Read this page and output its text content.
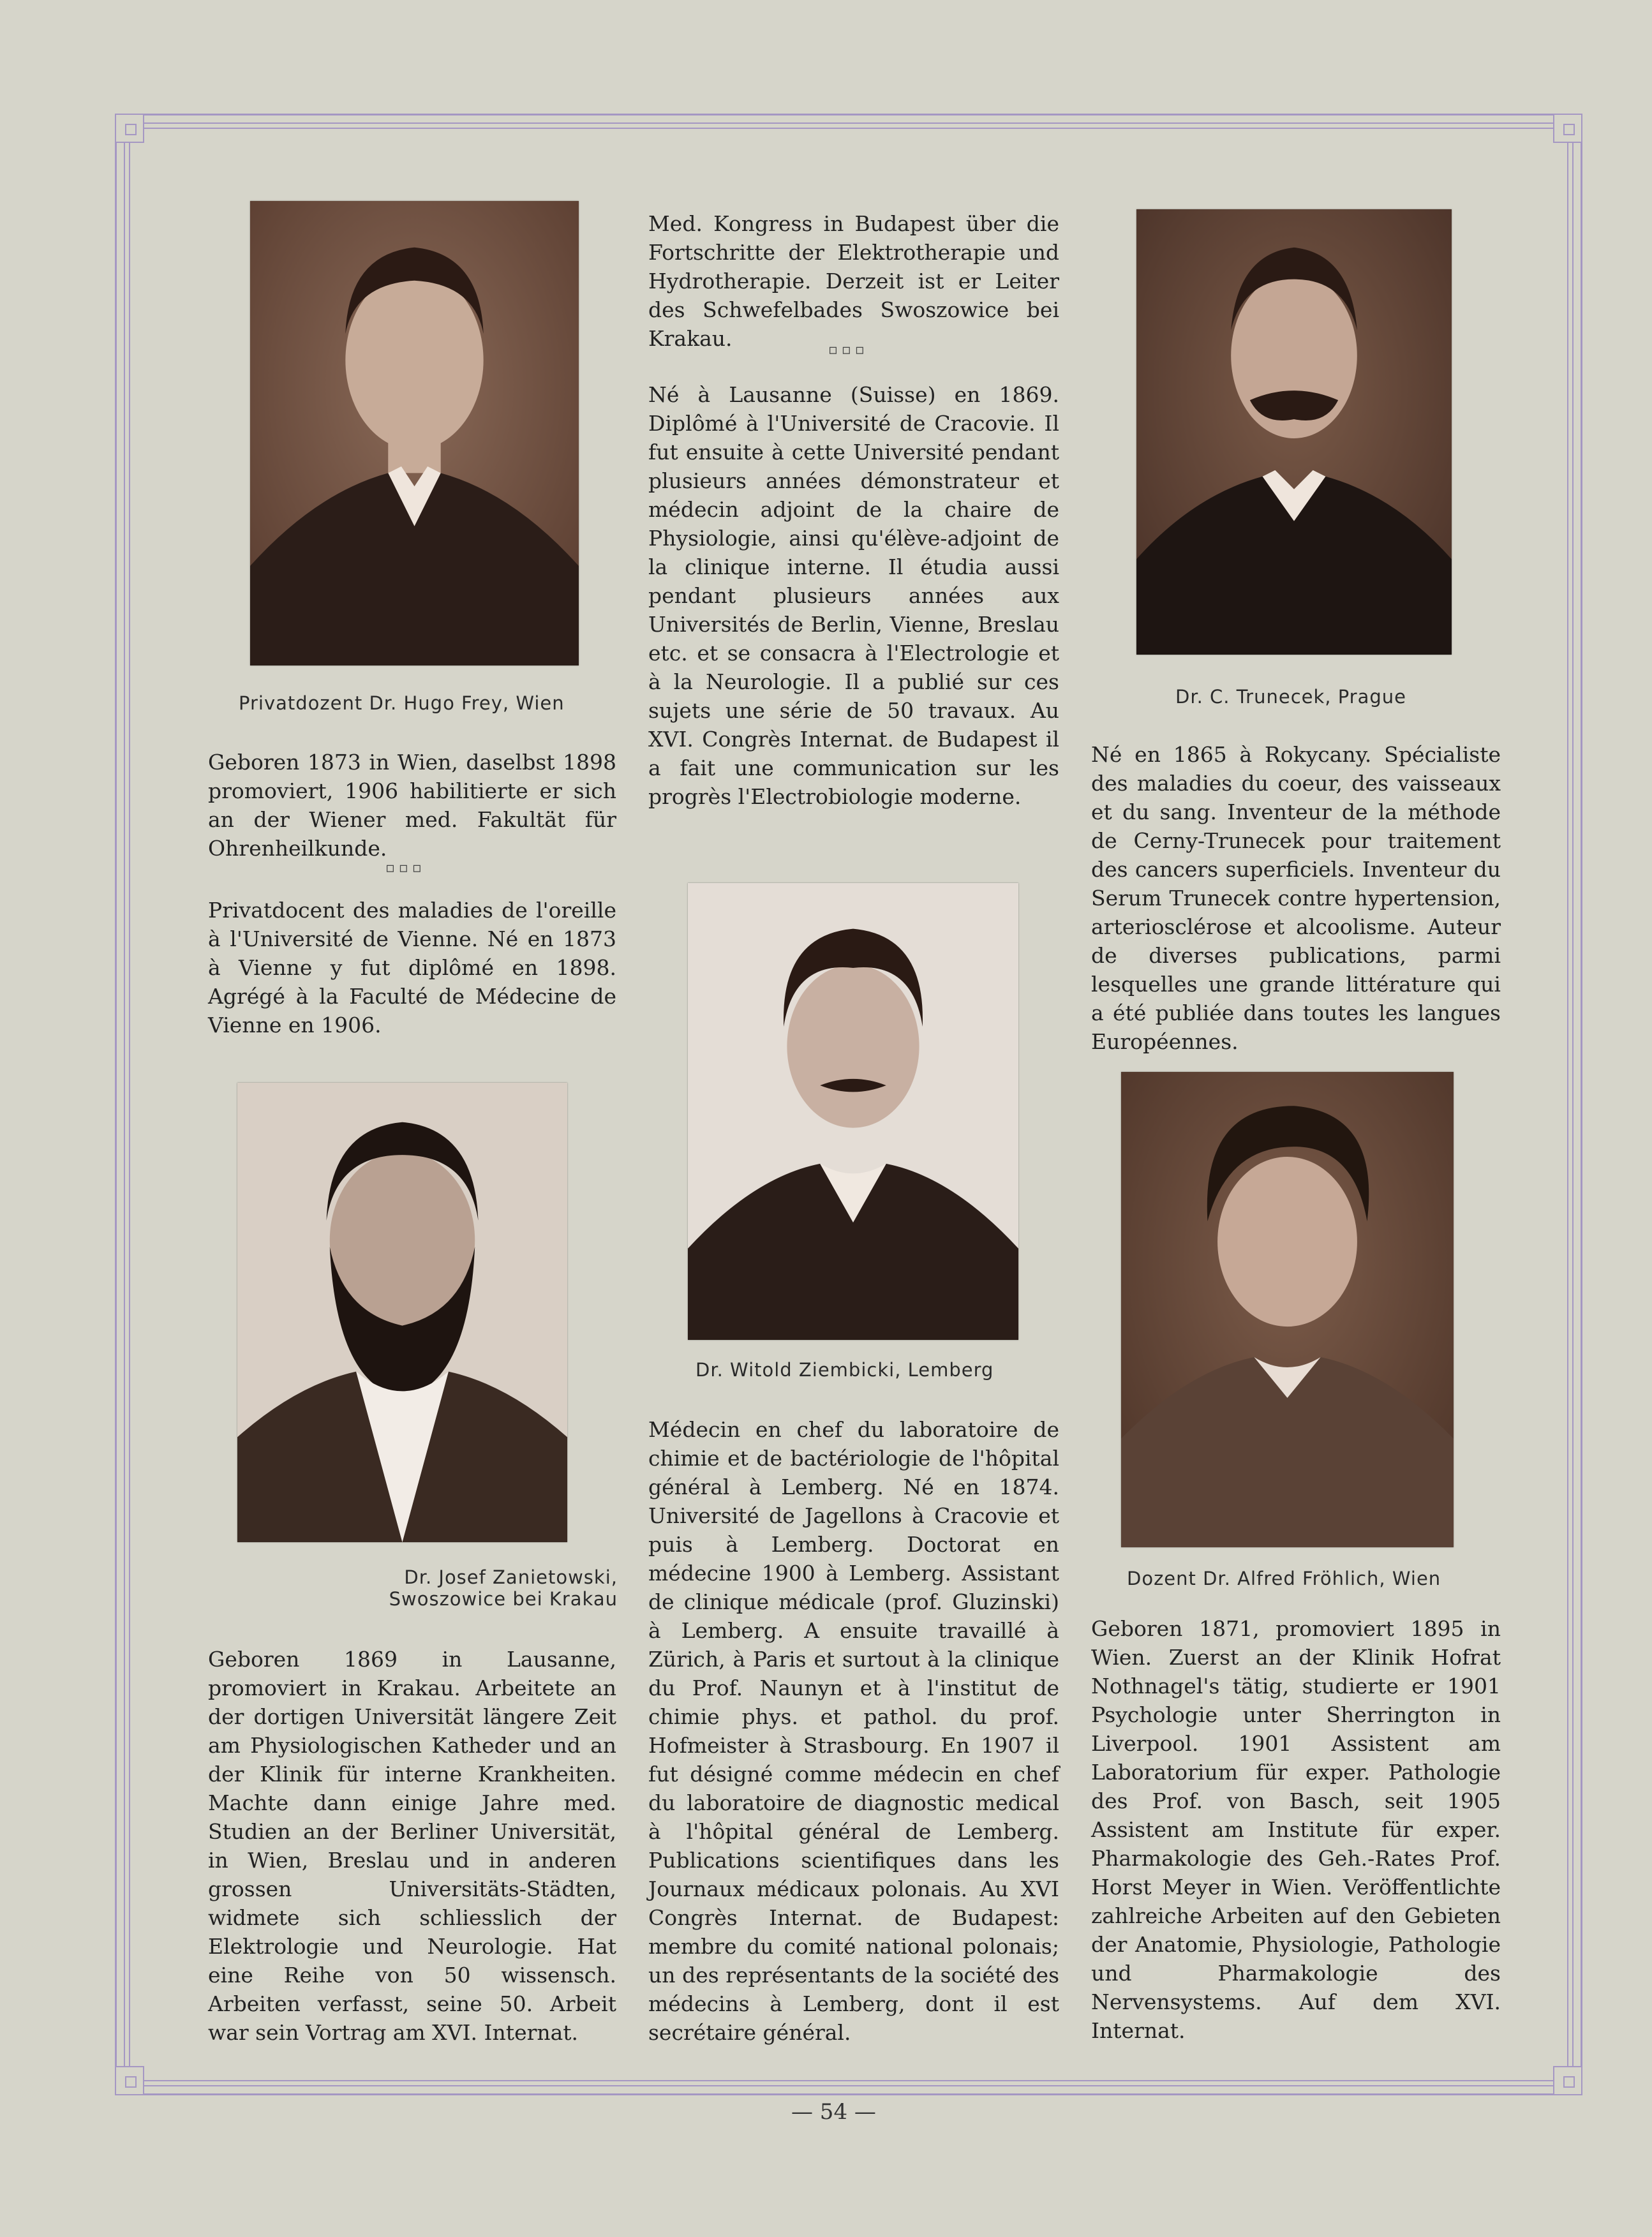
Privatdozent Dr. Hugo Frey, Wien
Geboren 1873 in Wien, daselbst 1898 promoviert, 1906 habilitierte er sich an der Wiener med. Fakultät für Ohrenheilkunde.
▫▫▫
Privatdocent des maladies de l'oreille à l'Université de Vienne. Né en 1873 à Vienne y fut diplômé en 1898. Agrégé à la Faculté de Médecine de Vienne en 1906.
Dr. Josef Zanietowski,
Swoszowice bei Krakau
Geboren 1869 in Lausanne, promoviert in Krakau. Arbeitete an der dortigen Universität längere Zeit am Physiologischen Katheder und an der Klinik für interne Krankheiten. Machte dann einige Jahre med. Studien an der Berliner Universität, in Wien, Breslau und in anderen grossen Universitäts-Städten, widmete sich schliesslich der Elektrologie und Neurologie. Hat eine Reihe von 50 wissensch. Arbeiten verfasst, seine 50. Arbeit war sein Vortrag am XVI. Internat.
Med. Kongress in Budapest über die Fortschritte der Elektrotherapie und Hydrotherapie. Derzeit ist er Leiter des Schwefelbades Swoszowice bei Krakau.	▫▫▫
Né à Lausanne (Suisse) en 1869. Diplômé à l'Université de Cracovie. Il fut ensuite à cette Université pendant plusieurs années démonstrateur et médecin adjoint de la chaire de Physiologie, ainsi qu'élève-adjoint de la clinique interne. Il étudia aussi pendant plusieurs années aux Universités de Berlin, Vienne, Breslau etc. et se consacra à l'Electrologie et à la Neurologie. Il a publié sur ces sujets une série de 50 travaux. Au XVI. Congrès Internat. de Budapest il a fait une communication sur les progrès l'Electrobiologie moderne.
Dr. Witold Ziembicki, Lemberg
Médecin en chef du laboratoire de chimie et de bactériologie de l'hôpital général à Lemberg. Né en 1874. Université de Jagellons à Cracovie et puis à Lemberg. Doctorat en médecine 1900 à Lemberg. Assistant de clinique médicale (prof. Gluzinski) à Lemberg. A ensuite travaillé à Zürich, à Paris et surtout à la clinique du Prof. Naunyn et à l'institut de chimie phys. et pathol. du prof. Hofmeister à Strasbourg. En 1907 il fut désigné comme médecin en chef du laboratoire de diagnostic medical à l'hôpital général de Lemberg. Publications scientifiques dans les Journaux médicaux polonais. Au XVI Congrès Internat. de Budapest: membre du comité national polonais; un des représentants de la société des médecins à Lemberg, dont il est secrétaire général.
Dr. C. Trunecek, Prague
Né en 1865 à Rokycany. Spécialiste des maladies du coeur, des vaisseaux et du sang. Inventeur de la méthode de Cerny-Trunecek pour traitement des cancers superficiels. Inventeur du Serum Trunecek contre hypertension, arteriosclérose et alcoolisme. Auteur de diverses publications, parmi lesquelles une grande littérature qui a été publiée dans toutes les langues Européennes.
Dozent Dr. Alfred Fröhlich, Wien
Geboren 1871, promoviert 1895 in Wien. Zuerst an der Klinik Hofrat Nothnagel's tätig, studierte er 1901 Psychologie unter Sherrington in Liverpool. 1901 Assistent am Laboratorium für exper. Pathologie des Prof. von Basch, seit 1905 Assistent am Institute für exper. Pharmakologie des Geh.-Rates Prof. Horst Meyer in Wien. Veröffentlichte zahlreiche Arbeiten auf den Gebieten der Anatomie, Physiologie, Pathologie und Pharmakologie des Nervensystems. Auf dem XVI. Internat.
— 54 —
